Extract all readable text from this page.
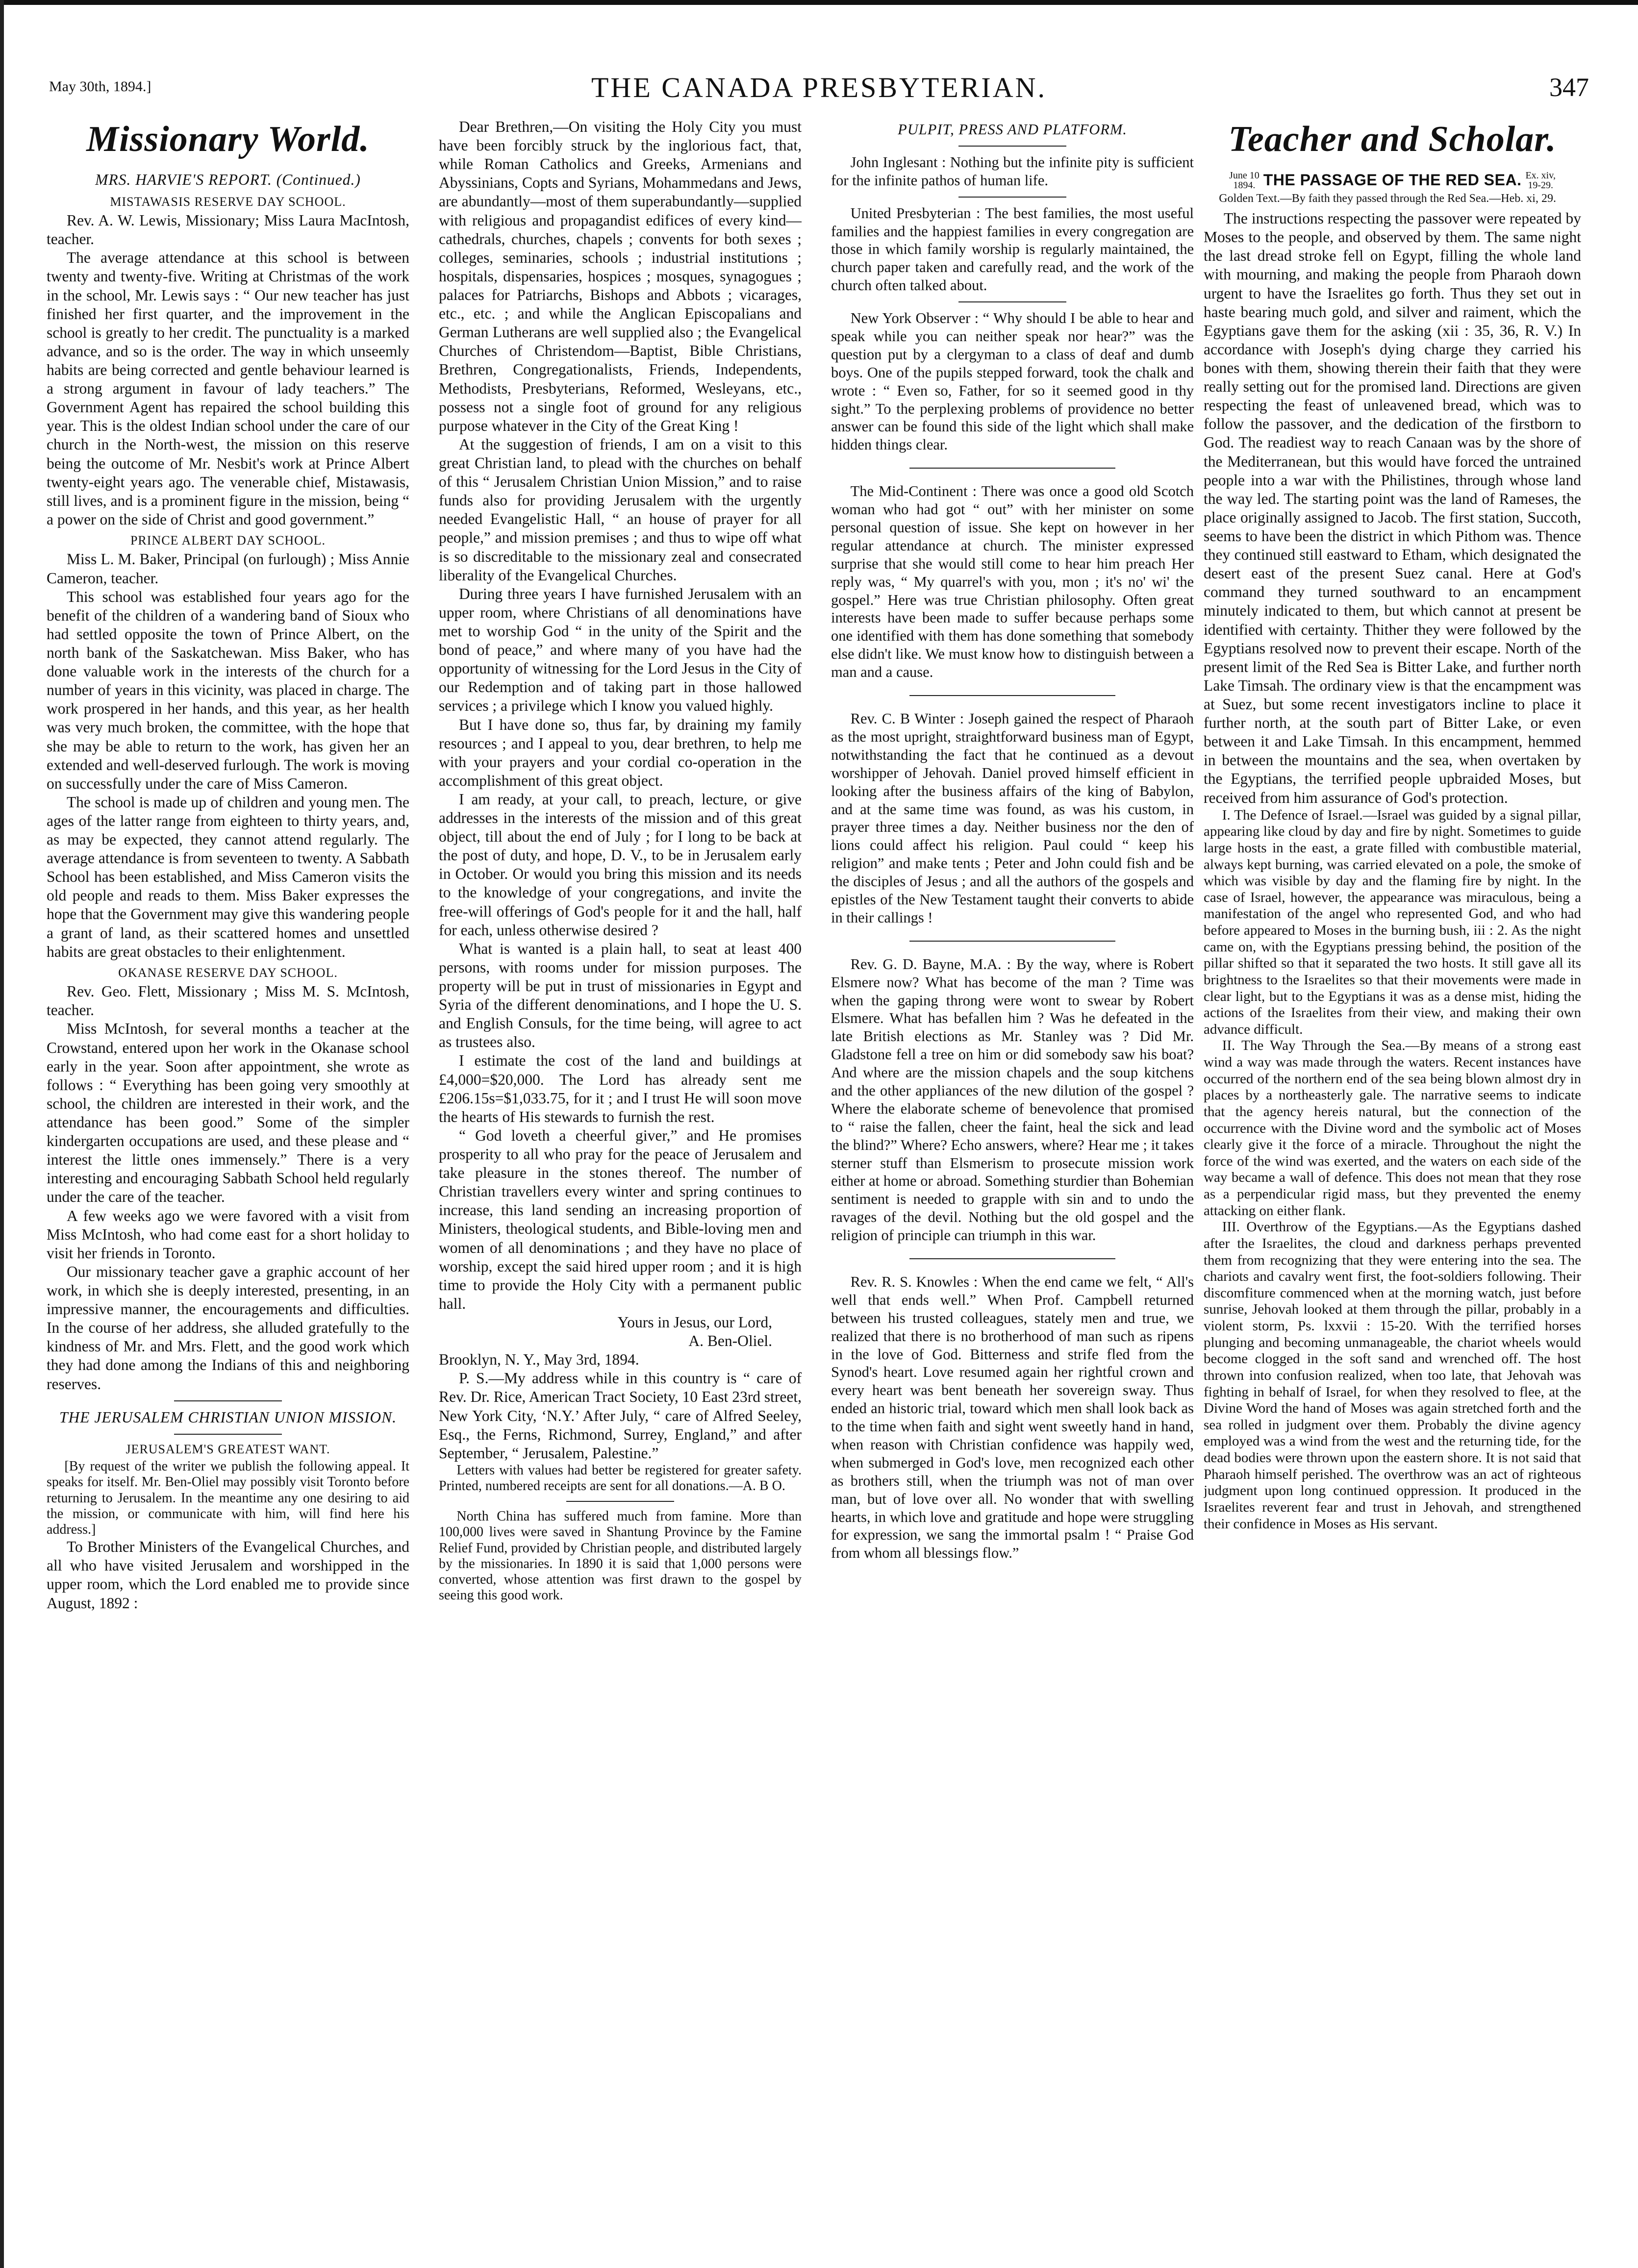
May 30th, 1894.]	THE CANADA PRESBYTERIAN.	347
Missionary World.
MRS. HARVIE'S REPORT. (Continued.)
MISTAWASIS RESERVE DAY SCHOOL.

Rev. A. W. Lewis, Missionary; Miss Laura MacIntosh, teacher.

The average attendance at this school is between twenty and twenty-five. Writing at Christmas of the work in the school, Mr. Lewis says : “ Our new teacher has just finished her first quarter, and the improvement in the school is greatly to her credit. The punctuality is a marked advance, and so is the order. The way in which unseemly habits are being corrected and gentle behaviour learned is a strong argument in favour of lady teachers.” The Government Agent has repaired the school building this year. This is the oldest Indian school under the care of our church in the North-west, the mission on this reserve being the outcome of Mr. Nesbit's work at Prince Albert twenty-eight years ago. The venerable chief, Mistawasis, still lives, and is a prominent figure in the mission, being “ a power on the side of Christ and good government.”

PRINCE ALBERT DAY SCHOOL.

Miss L. M. Baker, Principal (on furlough) ; Miss Annie Cameron, teacher.

This school was established four years ago for the benefit of the children of a wandering band of Sioux who had settled opposite the town of Prince Albert, on the north bank of the Saskatchewan. Miss Baker, who has done valuable work in the interests of the church for a number of years in this vicinity, was placed in charge. The work prospered in her hands, and this year, as her health was very much broken, the committee, with the hope that she may be able to return to the work, has given her an extended and well-deserved furlough. The work is moving on successfully under the care of Miss Cameron.

The school is made up of children and young men. The ages of the latter range from eighteen to thirty years, and, as may be expected, they cannot attend regularly. The average attendance is from seventeen to twenty. A Sabbath School has been established, and Miss Cameron visits the old people and reads to them. Miss Baker expresses the hope that the Government may give this wandering people a grant of land, as their scattered homes and unsettled habits are great obstacles to their enlightenment.

OKANASE RESERVE DAY SCHOOL.

Rev. Geo. Flett, Missionary ; Miss M. S. McIntosh, teacher.

Miss McIntosh, for several months a teacher at the Crowstand, entered upon her work in the Okanase school early in the year. Soon after appointment, she wrote as follows : “ Everything has been going very smoothly at school, the children are interested in their work, and the attendance has been good.” Some of the simpler kindergarten occupations are used, and these please and “ interest the little ones immensely.” There is a very interesting and encouraging Sabbath School held regularly under the care of the teacher.

A few weeks ago we were favored with a visit from Miss McIntosh, who had come east for a short holiday to visit her friends in Toronto.

Our missionary teacher gave a graphic account of her work, in which she is deeply interested, presenting, in an impressive manner, the encouragements and difficulties. In the course of her address, she alluded gratefully to the kindness of Mr. and Mrs. Flett, and the good work which they had done among the Indians of this and neighboring reserves.

THE JERUSALEM CHRISTIAN UNION MISSION.
JERUSALEM'S GREATEST WANT.

[By request of the writer we publish the following appeal. It speaks for itself. Mr. Ben-Oliel may possibly visit Toronto before returning to Jerusalem. In the meantime any one desiring to aid the mission, or communicate with him, will find here his address.]

To Brother Ministers of the Evangelical Churches, and all who have visited Jerusalem and worshipped in the upper room, which the Lord enabled me to provide since August, 1892 :

Dear Brethren,—On visiting the Holy City you must have been forcibly struck by the inglorious fact, that, while Roman Catholics and Greeks, Armenians and Abyssinians, Copts and Syrians, Mohammedans and Jews, are abundantly—most of them superabundantly—supplied with religious and propagandist edifices of every kind—cathedrals, churches, chapels ; convents for both sexes ; colleges, seminaries, schools ; industrial institutions ; hospitals, dispensaries, hospices ; mosques, synagogues ; palaces for Patriarchs, Bishops and Abbots ; vicarages, etc., etc. ; and while the Anglican Episcopalians and German Lutherans are well supplied also ; the Evangelical Churches of Christendom—Baptist, Bible Christians, Brethren, Congregationalists, Friends, Independents, Methodists, Presbyterians, Reformed, Wesleyans, etc., possess not a single foot of ground for any religious purpose whatever in the City of the Great King !

At the suggestion of friends, I am on a visit to this great Christian land, to plead with the churches on behalf of this “ Jerusalem Christian Union Mission,” and to raise funds also for providing Jerusalem with the urgently needed Evangelistic Hall, “ an house of prayer for all people,” and mission premises ; and thus to wipe off what is so discreditable to the missionary zeal and consecrated liberality of the Evangelical Churches.

During three years I have furnished Jerusalem with an upper room, where Christians of all denominations have met to worship God “ in the unity of the Spirit and the bond of peace,” and where many of you have had the opportunity of witnessing for the Lord Jesus in the City of our Redemption and of taking part in those hallowed services ; a privilege which I know you valued highly.

But I have done so, thus far, by draining my family resources ; and I appeal to you, dear brethren, to help me with your prayers and your cordial co-operation in the accomplishment of this great object.

I am ready, at your call, to preach, lecture, or give addresses in the interests of the mission and of this great object, till about the end of July ; for I long to be back at the post of duty, and hope, D. V., to be in Jerusalem early in October. Or would you bring this mission and its needs to the knowledge of your congregations, and invite the free-will offerings of God's people for it and the hall, half for each, unless otherwise desired ?

What is wanted is a plain hall, to seat at least 400 persons, with rooms under for mission purposes. The property will be put in trust of missionaries in Egypt and Syria of the different denominations, and I hope the U. S. and English Consuls, for the time being, will agree to act as trustees also.

I estimate the cost of the land and buildings at £4,000=$20,000. The Lord has already sent me £206.15s=$1,033.75, for it ; and I trust He will soon move the hearts of His stewards to furnish the rest.

“ God loveth a cheerful giver,” and He promises prosperity to all who pray for the peace of Jerusalem and take pleasure in the stones thereof. The number of Christian travellers every winter and spring continues to increase, this land sending an increasing proportion of Ministers, theological students, and Bible-loving men and women of all denominations ; and they have no place of worship, except the said hired upper room ; and it is high time to provide the Holy City with a permanent public hall.

Yours in Jesus, our Lord,

A. Ben-Oliel.

Brooklyn, N. Y., May 3rd, 1894.

P. S.—My address while in this country is “ care of Rev. Dr. Rice, American Tract Society, 10 East 23rd street, New York City, ‘N.Y.’ After July, “ care of Alfred Seeley, Esq., the Ferns, Richmond, Surrey, England,” and after September, “ Jerusalem, Palestine.”

Letters with values had better be registered for greater safety. Printed, numbered receipts are sent for all donations.—A. B O.

North China has suffered much from famine. More than 100,000 lives were saved in Shantung Province by the Famine Relief Fund, provided by Christian people, and distributed largely by the missionaries. In 1890 it is said that 1,000 persons were converted, whose attention was first drawn to the gospel by seeing this good work.

PULPIT, PRESS AND PLATFORM.

John Inglesant : Nothing but the infinite pity is sufficient for the infinite pathos of human life.

United Presbyterian : The best families, the most useful families and the happiest families in every congregation are those in which family worship is regularly maintained, the church paper taken and carefully read, and the work of the church often talked about.

New York Observer : “ Why should I be able to hear and speak while you can neither speak nor hear?” was the question put by a clergyman to a class of deaf and dumb boys. One of the pupils stepped forward, took the chalk and wrote : “ Even so, Father, for so it seemed good in thy sight.” To the perplexing problems of providence no better answer can be found this side of the light which shall make hidden things clear.

The Mid-Continent : There was once a good old Scotch woman who had got “ out” with her minister on some personal question of issue. She kept on however in her regular attendance at church. The minister expressed surprise that she would still come to hear him preach Her reply was, “ My quarrel's with you, mon ; it's no' wi' the gospel.” Here was true Christian philosophy. Often great interests have been made to suffer because perhaps some one identified with them has done something that somebody else didn't like. We must know how to distinguish between a man and a cause.

Rev. C. B Winter : Joseph gained the respect of Pharaoh as the most upright, straightforward business man of Egypt, notwithstanding the fact that he continued as a devout worshipper of Jehovah. Daniel proved himself efficient in looking after the business affairs of the king of Babylon, and at the same time was found, as was his custom, in prayer three times a day. Neither business nor the den of lions could affect his religion. Paul could “ keep his religion” and make tents ; Peter and John could fish and be the disciples of Jesus ; and all the authors of the gospels and epistles of the New Testament taught their converts to abide in their callings !

Rev. G. D. Bayne, M.A. : By the way, where is Robert Elsmere now? What has become of the man ? Time was when the gaping throng were wont to swear by Robert Elsmere. What has befallen him ? Was he defeated in the late British elections as Mr. Stanley was ? Did Mr. Gladstone fell a tree on him or did somebody saw his boat? And where are the mission chapels and the soup kitchens and the other appliances of the new dilution of the gospel ? Where the elaborate scheme of benevolence that promised to “ raise the fallen, cheer the faint, heal the sick and lead the blind?” Where? Echo answers, where? Hear me ; it takes sterner stuff than Elsmerism to prosecute mission work either at home or abroad. Something sturdier than Bohemian sentiment is needed to grapple with sin and to undo the ravages of the devil. Nothing but the old gospel and the religion of principle can triumph in this war.

Rev. R. S. Knowles : When the end came we felt, “ All's well that ends well.” When Prof. Campbell returned between his trusted colleagues, stately men and true, we realized that there is no brotherhood of man such as ripens in the love of God. Bitterness and strife fled from the Synod's heart. Love resumed again her rightful crown and every heart was bent beneath her sovereign sway. Thus ended an historic trial, toward which men shall look back as to the time when faith and sight went sweetly hand in hand, when reason with Christian confidence was happily wed, when submerged in God's love, men recognized each other as brothers still, when the triumph was not of man over man, but of love over all. No wonder that with swelling hearts, in which love and gratitude and hope were struggling for expression, we sang the immortal psalm ! “ Praise God from whom all blessings flow.”

Teacher and Scholar.
June 10
1894. THE PASSAGE OF THE RED SEA. Ex. xiv,
19-29.

Golden Text.—By faith they passed through the Red Sea.—Heb. xi, 29.

The instructions respecting the passover were repeated by Moses to the people, and observed by them. The same night the last dread stroke fell on Egypt, filling the whole land with mourning, and making the people from Pharaoh down urgent to have the Israelites go forth. Thus they set out in haste bearing much gold, and silver and raiment, which the Egyptians gave them for the asking (xii : 35, 36, R. V.) In accordance with Joseph's dying charge they carried his bones with them, showing therein their faith that they were really setting out for the promised land. Directions are given respecting the feast of unleavened bread, which was to follow the passover, and the dedication of the firstborn to God. The readiest way to reach Canaan was by the shore of the Mediterranean, but this would have forced the untrained people into a war with the Philistines, through whose land the way led. The starting point was the land of Rameses, the place originally assigned to Jacob. The first station, Succoth, seems to have been the district in which Pithom was. Thence they continued still eastward to Etham, which designated the desert east of the present Suez canal. Here at God's command they turned southward to an encampment minutely indicated to them, but which cannot at present be identified with certainty. Thither they were followed by the Egyptians resolved now to prevent their escape. North of the present limit of the Red Sea is Bitter Lake, and further north Lake Timsah. The ordinary view is that the encampment was at Suez, but some recent investigators incline to place it further north, at the south part of Bitter Lake, or even between it and Lake Timsah. In this encampment, hemmed in between the mountains and the sea, when overtaken by the Egyptians, the terrified people upbraided Moses, but received from him assurance of God's protection.

I. The Defence of Israel.—Israel was guided by a signal pillar, appearing like cloud by day and fire by night. Sometimes to guide large hosts in the east, a grate filled with combustible material, always kept burning, was carried elevated on a pole, the smoke of which was visible by day and the flaming fire by night. In the case of Israel, however, the appearance was miraculous, being a manifestation of the angel who represented God, and who had before appeared to Moses in the burning bush, iii : 2. As the night came on, with the Egyptians pressing behind, the position of the pillar shifted so that it separated the two hosts. It still gave all its brightness to the Israelites so that their movements were made in clear light, but to the Egyptians it was as a dense mist, hiding the actions of the Israelites from their view, and making their own advance difficult.

II. The Way Through the Sea.—By means of a strong east wind a way was made through the waters. Recent instances have occurred of the northern end of the sea being blown almost dry in places by a northeasterly gale. The narrative seems to indicate that the agency hereis natural, but the connection of the occurrence with the Divine word and the symbolic act of Moses clearly give it the force of a miracle. Throughout the night the force of the wind was exerted, and the waters on each side of the way became a wall of defence. This does not mean that they rose as a perpendicular rigid mass, but they prevented the enemy attacking on either flank.

III. Overthrow of the Egyptians.—As the Egyptians dashed after the Israelites, the cloud and darkness perhaps prevented them from recognizing that they were entering into the sea. The chariots and cavalry went first, the foot-soldiers following. Their discomfiture commenced when at the morning watch, just before sunrise, Jehovah looked at them through the pillar, probably in a violent storm, Ps. lxxvii : 15-20. With the terrified horses plunging and becoming unmanageable, the chariot wheels would become clogged in the soft sand and wrenched off. The host thrown into confusion realized, when too late, that Jehovah was fighting in behalf of Israel, for when they resolved to flee, at the Divine Word the hand of Moses was again stretched forth and the sea rolled in judgment over them. Probably the divine agency employed was a wind from the west and the returning tide, for the dead bodies were thrown upon the eastern shore. It is not said that Pharaoh himself perished. The overthrow was an act of righteous judgment upon long continued oppression. It produced in the Israelites reverent fear and trust in Jehovah, and strengthened their confidence in Moses as His servant.
